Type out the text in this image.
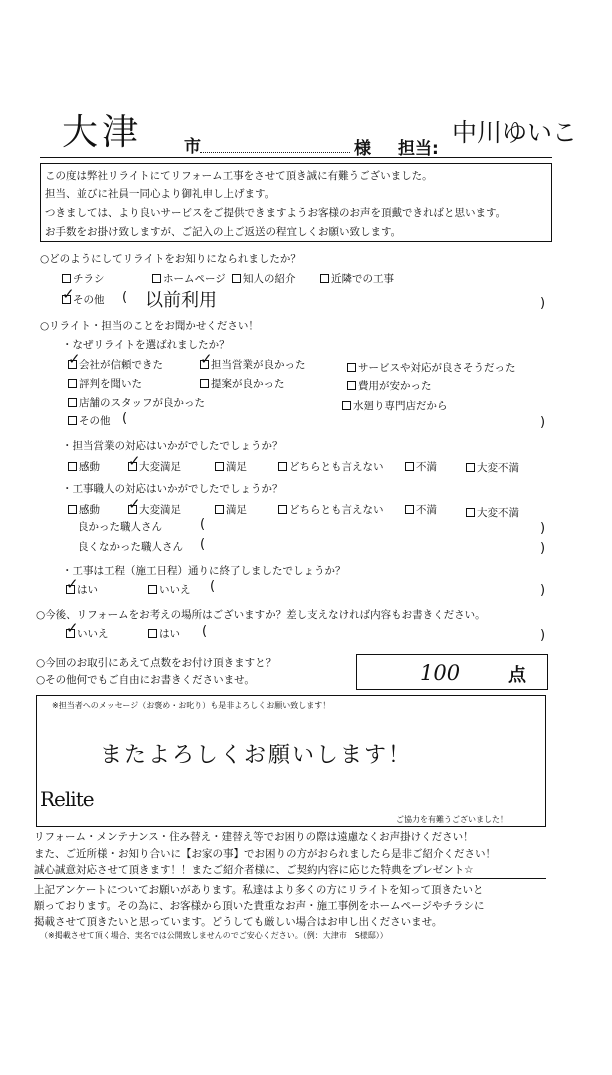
大津 市	様 担当:
中川ゆいこ
この度は弊社リライトにてリフォーム工事をさせて頂き誠に有難うございました。
担当、並びに社員一同心より御礼申し上げます。
つきましては、より良いサービスをご提供できますようお客様のお声を頂戴できればと思います。
お手数をお掛け致しますが、ご記入の上ご返送の程宜しくお願い致します。
○どのようにしてリライトをお知りになられましたか？
チラシ	ホームページ	知人の紹介	近隣での工事
✓その他 ( 以前利用	)
○リライト・担当のことをお聞かせください！
・なぜリライトを選ばれましたか？
✓会社が信頼できた ✓	担当営業が良かった	サービスや対応が良さそうだった
評判を聞いた	提案が良かった	費用が安かった
店舗のスタッフが良かった	水廻り専門店だから
その他 (	)
・担当営業の対応はいかがでしたでしょうか？
感動 ✓	大変満足	満足	どちらとも言えない	不満	大変不満
・工事職人の対応はいかがでしたでしょうか？
感動 ✓	大変満足	満足	どちらとも言えない	不満	大変不満
良かった職人さん	(	)
良くなかった職人さん (	)
・工事は工程（施工日程）通りに終了しましたでしょうか？
✓はい	いいえ (	)
○今後、リフォームをお考えの場所はございますか？差し支えなければ内容もお書きください。
✓いいえ	はい (	)
○今回のお取引にあえて点数をお付け頂きますと？
○その他何でもご自由にお書きくださいませ。	100	点
※担当者へのメッセージ（お褒め・お叱り）も是非よろしくお願い致します！
またよろしくお願いします！
Relite
ご協力を有難うございました！
リフォーム・メンテナンス・住み替え・建替え等でお困りの際は遠慮なくお声掛けください！
また、ご近所様・お知り合いに【お家の事】でお困りの方がおられましたら是非ご紹介ください！
誠心誠意対応させて頂きます！！またご紹介者様に、ご契約内容に応じた特典をプレゼント☆
上記アンケートについてお願いがあります。私達はより多くの方にリライトを知って頂きたいと
願っております。その為に、お客様から頂いた貴重なお声・施工事例をホームページやチラシに
掲載させて頂きたいと思っています。どうしても厳しい場合はお申し出くださいませ。
（※掲載させて頂く場合、実名では公開致しませんのでご安心ください。（例：大津市　S様邸））
